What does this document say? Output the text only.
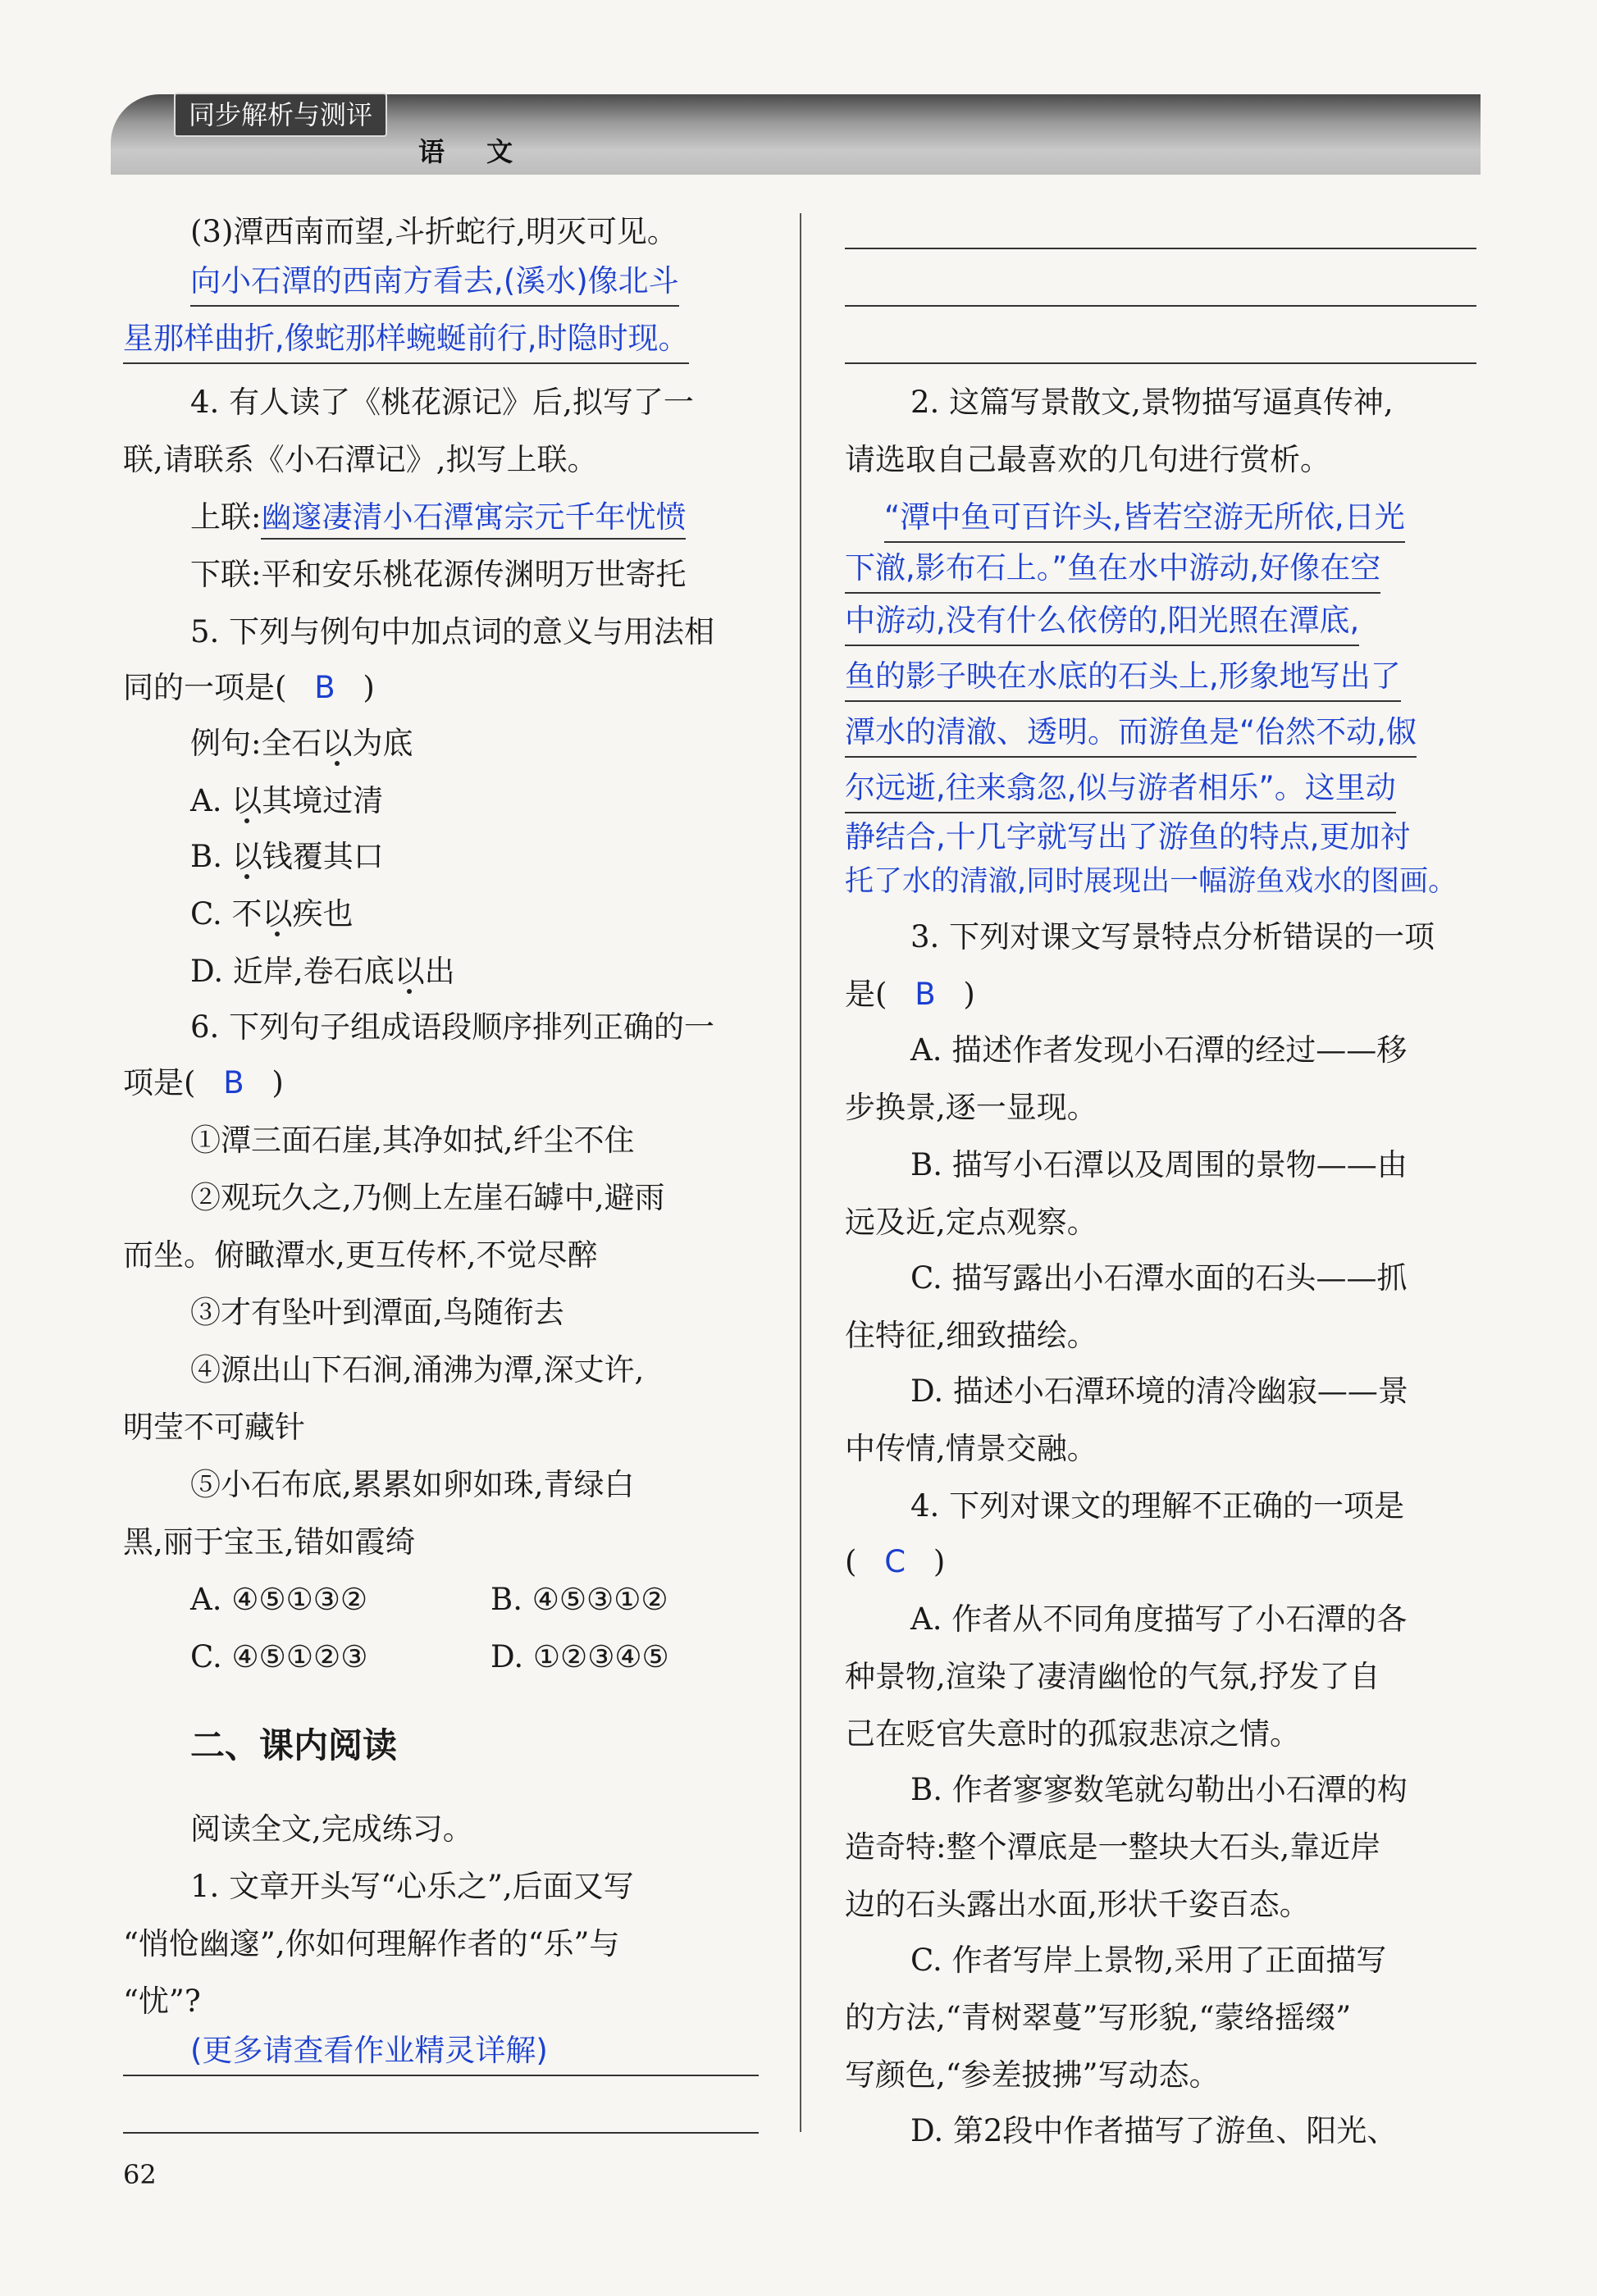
同步解析与测评
语 文
(3)潭西南而望,斗折蛇行,明灭可见。
向小石潭的西南方看去,(溪水)像北斗
星那样曲折,像蛇那样蜿蜒前行,时隐时现。
4. 有人读了《桃花源记》后,拟写了一
联,请联系《小石潭记》,拟写上联。
上联:幽邃凄清小石潭寓宗元千年忧愤
下联:平和安乐桃花源传渊明万世寄托
5. 下列与例句中加点词的意义与用法相
同的一项是( B )
例句:全石以为底
A. 以其境过清
B. 以钱覆其口
C. 不以疾也
D. 近岸,卷石底以出
6. 下列句子组成语段顺序排列正确的一
项是( B )
①潭三面石崖,其净如拭,纤尘不住
②观玩久之,乃侧上左崖石罅中,避雨
而坐。俯瞰潭水,更互传杯,不觉尽醉
③才有坠叶到潭面,鸟随衔去
④源出山下石涧,涌沸为潭,深丈许,
明莹不可藏针
⑤小石布底,累累如卵如珠,青绿白
黑,丽于宝玉,错如霞绮
A. ④⑤①③②	B. ④⑤③①②
C. ④⑤①②③	D. ①②③④⑤
二、课内阅读
阅读全文,完成练习。
1. 文章开头写“心乐之”,后面又写
“悄怆幽邃”,你如何理解作者的“乐”与
“忧”?
(更多请查看作业精灵详解)
62
2. 这篇写景散文,景物描写逼真传神,
请选取自己最喜欢的几句进行赏析。
“潭中鱼可百许头,皆若空游无所依,日光
下澈,影布石上。”鱼在水中游动,好像在空
中游动,没有什么依傍的,阳光照在潭底,
鱼的影子映在水底的石头上,形象地写出了
潭水的清澈、透明。而游鱼是“佁然不动,俶
尔远逝,往来翕忽,似与游者相乐”。这里动
静结合,十几字就写出了游鱼的特点,更加衬
托了水的清澈,同时展现出一幅游鱼戏水的图画。
3. 下列对课文写景特点分析错误的一项
是( B )
A. 描述作者发现小石潭的经过——移
步换景,逐一显现。
B. 描写小石潭以及周围的景物——由
远及近,定点观察。
C. 描写露出小石潭水面的石头——抓
住特征,细致描绘。
D. 描述小石潭环境的清冷幽寂——景
中传情,情景交融。
4. 下列对课文的理解不正确的一项是
( C )
A. 作者从不同角度描写了小石潭的各
种景物,渲染了凄清幽怆的气氛,抒发了自
己在贬官失意时的孤寂悲凉之情。
B. 作者寥寥数笔就勾勒出小石潭的构
造奇特:整个潭底是一整块大石头,靠近岸
边的石头露出水面,形状千姿百态。
C. 作者写岸上景物,采用了正面描写
的方法,“青树翠蔓”写形貌,“蒙络摇缀”
写颜色,“参差披拂”写动态。
D. 第2段中作者描写了游鱼、阳光、
